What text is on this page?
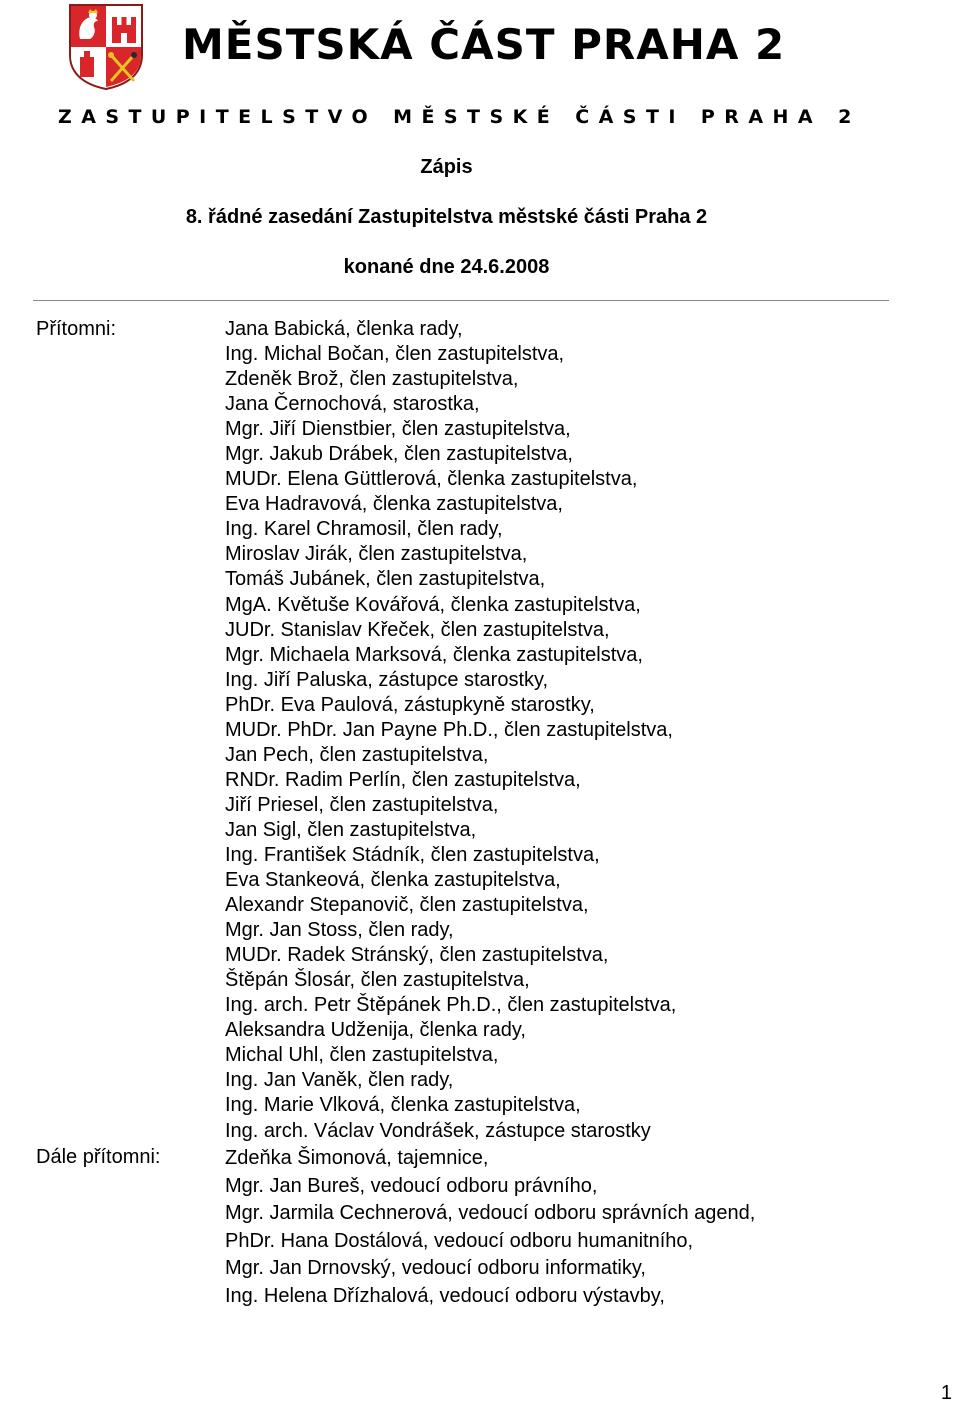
MĚSTSKÁ ČÁST PRAHA 2
ZASTUPITELSTVO MĚSTSKÉ ČÁSTI PRAHA 2
Zápis
8. řádné zasedání Zastupitelstva městské části Praha 2
konané dne 24.6.2008
Přítomni:	Jana Babická, členka rady,
Ing. Michal Bočan, člen zastupitelstva,
Zdeněk Brož, člen zastupitelstva,
Jana Černochová, starostka,
Mgr. Jiří Dienstbier, člen zastupitelstva,
Mgr. Jakub Drábek, člen zastupitelstva,
MUDr. Elena Güttlerová, členka zastupitelstva,
Eva Hadravová, členka zastupitelstva,
Ing. Karel Chramosil, člen rady,
Miroslav Jirák, člen zastupitelstva,
Tomáš Jubánek, člen zastupitelstva,
MgA. Květuše Kovářová, členka zastupitelstva,
JUDr. Stanislav Křeček, člen zastupitelstva,
Mgr. Michaela Marksová, členka zastupitelstva,
Ing. Jiří Paluska, zástupce starostky,
PhDr. Eva Paulová, zástupkyně starostky,
MUDr. PhDr. Jan Payne Ph.D., člen zastupitelstva,
Jan Pech, člen zastupitelstva,
RNDr. Radim Perlín, člen zastupitelstva,
Jiří Priesel, člen zastupitelstva,
Jan Sigl, člen zastupitelstva,
Ing. František Stádník, člen zastupitelstva,
Eva Stankeová, členka zastupitelstva,
Alexandr Stepanovič, člen zastupitelstva,
Mgr. Jan Stoss, člen rady,
MUDr. Radek Stránský, člen zastupitelstva,
Štěpán Šlosár, člen zastupitelstva,
Ing. arch. Petr Štěpánek Ph.D., člen zastupitelstva,
Aleksandra Udženija, členka rady,
Michal Uhl, člen zastupitelstva,
Ing. Jan Vaněk, člen rady,
Ing. Marie Vlková, členka zastupitelstva,
Ing. arch. Václav Vondrášek, zástupce starostky
Dále přítomni:	Zdeňka Šimonová, tajemnice,
Mgr. Jan Bureš, vedoucí odboru právního,
Mgr. Jarmila Cechnerová, vedoucí odboru správních agend,
PhDr. Hana Dostálová, vedoucí odboru humanitního,
Mgr. Jan Drnovský, vedoucí odboru informatiky,
Ing. Helena Dřízhalová, vedoucí odboru výstavby,
1
